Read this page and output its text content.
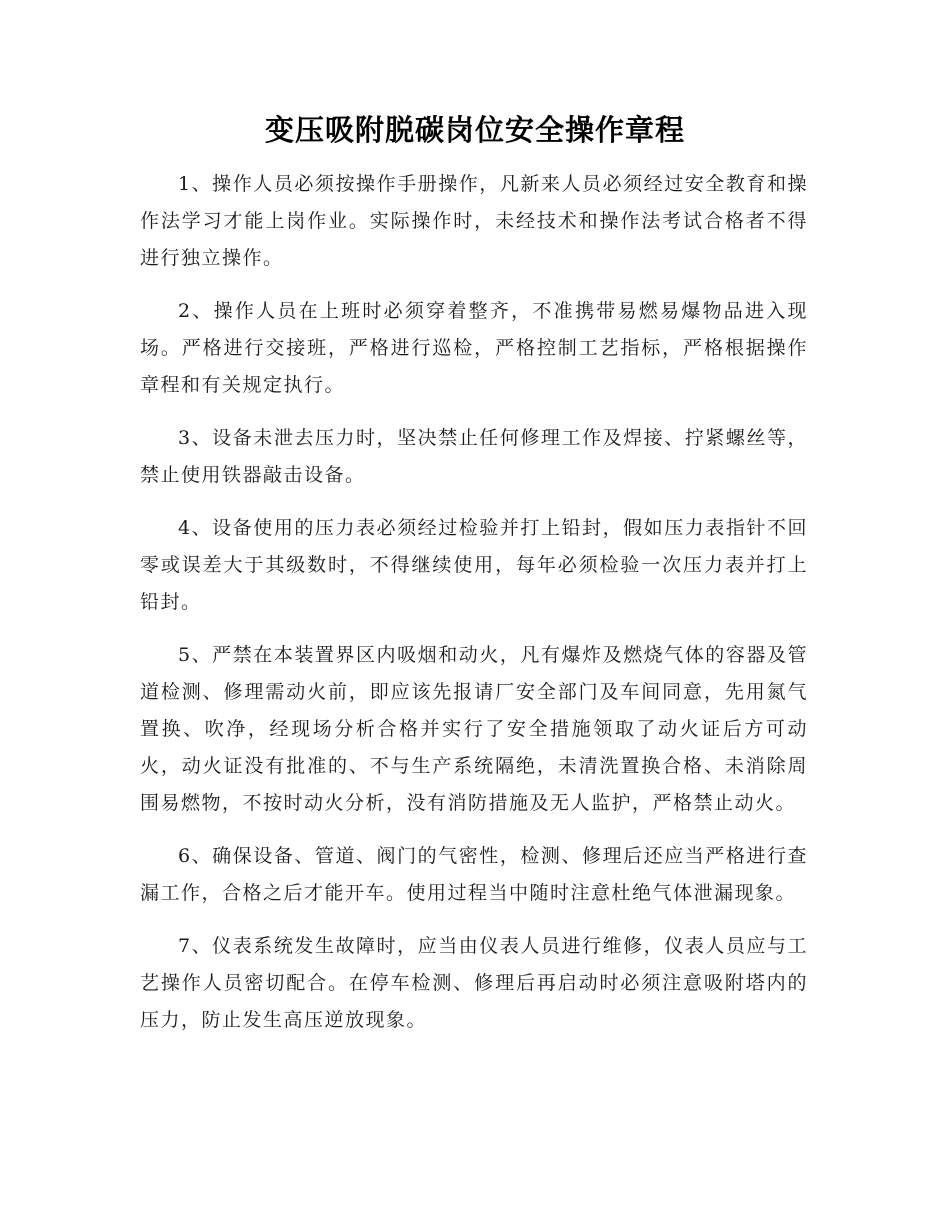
变压吸附脱碳岗位安全操作章程

1、操作人员必须按操作手册操作，凡新来人员必须经过安全教育和操作法学习才能上岗作业。实际操作时，未经技术和操作法考试合格者不得进行独立操作。

2、操作人员在上班时必须穿着整齐，不准携带易燃易爆物品进入现场。严格进行交接班，严格进行巡检，严格控制工艺指标，严格根据操作章程和有关规定执行。

3、设备未泄去压力时，坚决禁止任何修理工作及焊接、拧紧螺丝等，禁止使用铁器敲击设备。

4、设备使用的压力表必须经过检验并打上铅封，假如压力表指针不回零或误差大于其级数时，不得继续使用，每年必须检验一次压力表并打上铅封。

5、严禁在本装置界区内吸烟和动火，凡有爆炸及燃烧气体的容器及管道检测、修理需动火前，即应该先报请厂安全部门及车间同意，先用氮气置换、吹净，经现场分析合格并实行了安全措施领取了动火证后方可动火，动火证没有批准的、不与生产系统隔绝，未清洗置换合格、未消除周围易燃物，不按时动火分析，没有消防措施及无人监护，严格禁止动火。

6、确保设备、管道、阀门的气密性，检测、修理后还应当严格进行查漏工作，合格之后才能开车。使用过程当中随时注意杜绝气体泄漏现象。

7、仪表系统发生故障时，应当由仪表人员进行维修，仪表人员应与工艺操作人员密切配合。在停车检测、修理后再启动时必须注意吸附塔内的压力，防止发生高压逆放现象。
